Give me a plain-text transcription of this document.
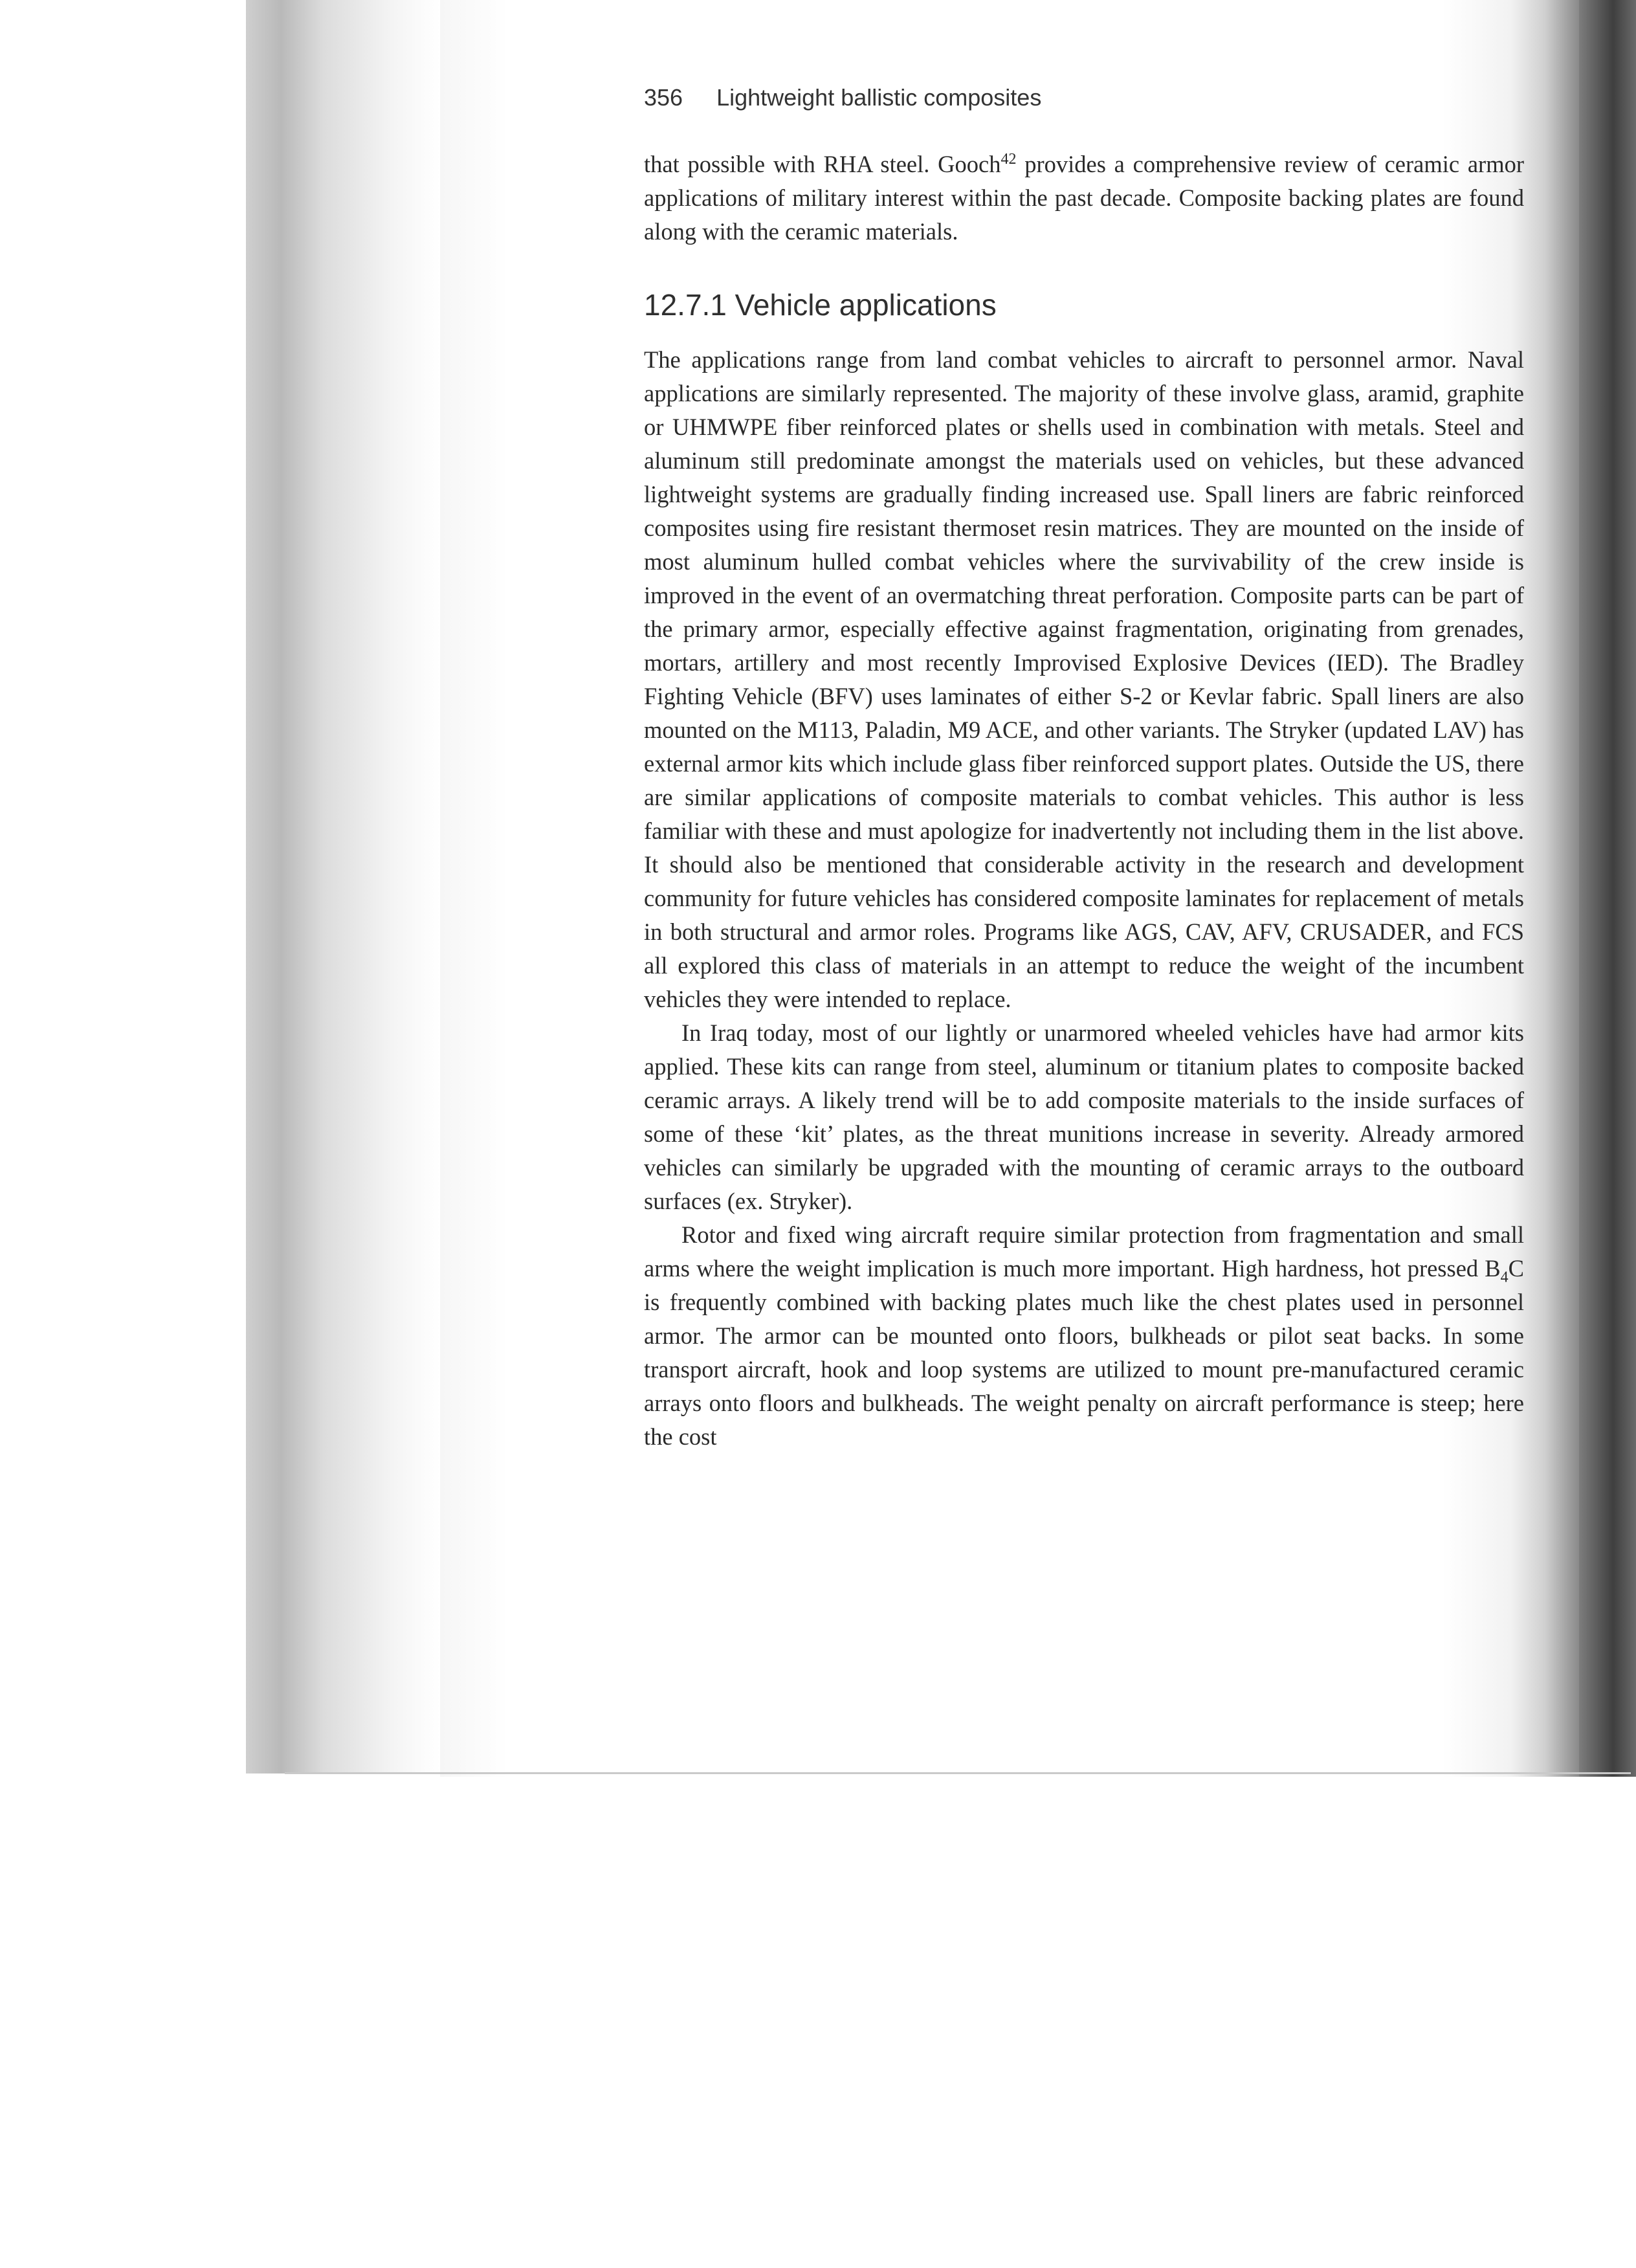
356 Lightweight ballistic composites

that possible with RHA steel. Gooch$^{42}$ provides a comprehensive review of ceramic armor applications of military interest within the past decade. Composite backing plates are found along with the ceramic materials.

12.7.1 Vehicle applications

The applications range from land combat vehicles to aircraft to personnel armor. Naval applications are similarly represented. The majority of these involve glass, aramid, graphite or UHMWPE fiber reinforced plates or shells used in combination with metals. Steel and aluminum still predominate amongst the materials used on vehicles, but these advanced lightweight systems are gradually finding increased use. Spall liners are fabric reinforced composites using fire resistant thermoset resin matrices. They are mounted on the inside of most aluminum hulled combat vehicles where the survivability of the crew inside is improved in the event of an overmatching threat perforation. Composite parts can be part of the primary armor, especially effective against fragmentation, originating from grenades, mortars, artillery and most recently Improvised Explosive Devices (IED). The Bradley Fighting Vehicle (BFV) uses laminates of either S-2 or Kevlar fabric. Spall liners are also mounted on the M113, Paladin, M9 ACE, and other variants. The Stryker (updated LAV) has external armor kits which include glass fiber reinforced support plates. Outside the US, there are similar applications of composite materials to combat vehicles. This author is less familiar with these and must apologize for inadvertently not including them in the list above. It should also be mentioned that considerable activity in the research and development community for future vehicles has considered composite laminates for replacement of metals in both structural and armor roles. Programs like AGS, CAV, AFV, CRUSADER, and FCS all explored this class of materials in an attempt to reduce the weight of the incumbent vehicles they were intended to replace.

In Iraq today, most of our lightly or unarmored wheeled vehicles have had armor kits applied. These kits can range from steel, aluminum or titanium plates to composite backed ceramic arrays. A likely trend will be to add composite materials to the inside surfaces of some of these ‘kit’ plates, as the threat munitions increase in severity. Already armored vehicles can similarly be upgraded with the mounting of ceramic arrays to the outboard surfaces (ex. Stryker).

Rotor and fixed wing aircraft require similar protection from fragmentation and small arms where the weight implication is much more important. High hardness, hot pressed $B_4C$ is frequently combined with backing plates much like the chest plates used in personnel armor. The armor can be mounted onto floors, bulkheads or pilot seat backs. In some transport aircraft, hook and loop systems are utilized to mount pre-manufactured ceramic arrays onto floors and bulkheads. The weight penalty on aircraft performance is steep; here the cost
